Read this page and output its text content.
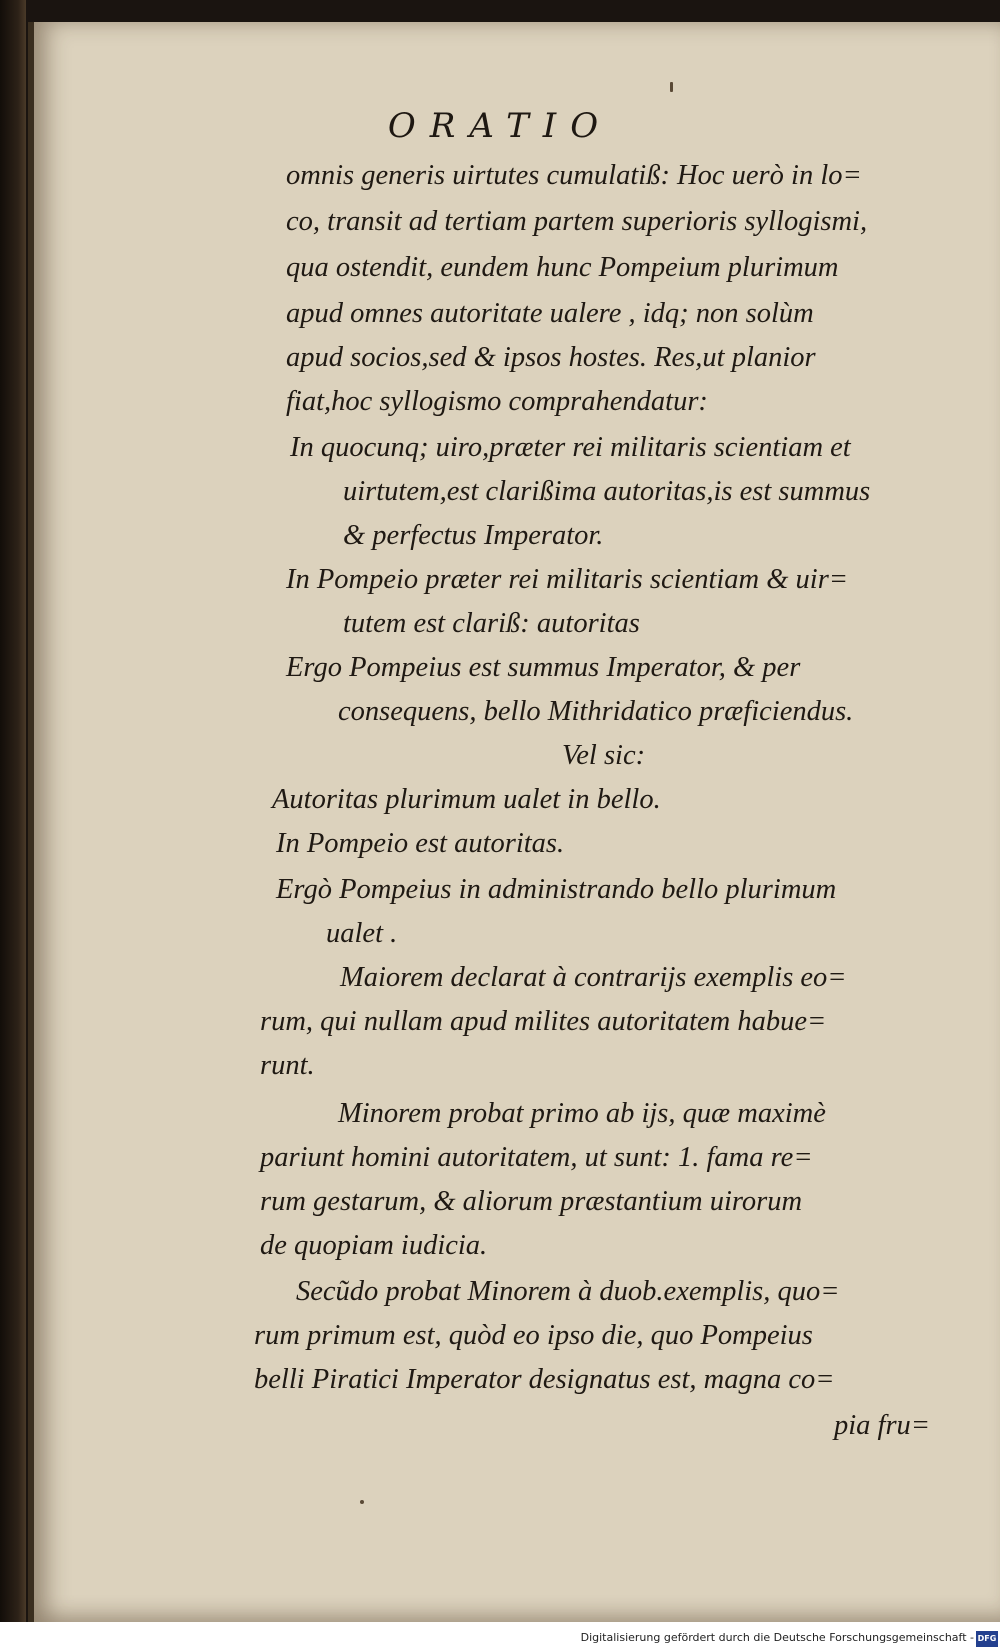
ORATIO
omnis generis uirtutes cumulatiß: Hoc uerò in lo=
co, transit ad tertiam partem superioris syllogismi,
qua ostendit, eundem hunc Pompeium plurimum
apud omnes autoritate ualere , idq; non solùm
apud socios,sed & ipsos hostes. Res,ut planior
fiat,hoc syllogismo comprahendatur:
In quocunq; uiro,præter rei militaris scientiam et
uirtutem,est clarißima autoritas,is est summus
& perfectus Imperator.
In Pompeio præter rei militaris scientiam & uir=
tutem est clariß: autoritas
Ergo Pompeius est summus Imperator, & per
consequens, bello Mithridatico præficiendus.
Vel sic:
Autoritas plurimum ualet in bello.
In Pompeio est autoritas.
Ergò Pompeius in administrando bello plurimum
ualet .
Maiorem declarat à contrarijs exemplis eo=
rum, qui nullam apud milites autoritatem habue=
runt.
Minorem probat primo ab ijs, quæ maximè
pariunt homini autoritatem, ut sunt: 1. fama re=
rum gestarum, & aliorum præstantium uirorum
de quopiam iudicia.
Secũdo probat Minorem à duob.exemplis, quo=
rum primum est, quòd eo ipso die, quo Pompeius
belli Piratici Imperator designatus est, magna co=
pia fru=
Digitalisierung gefördert durch die Deutsche Forschungsgemeinschaft - DFG
